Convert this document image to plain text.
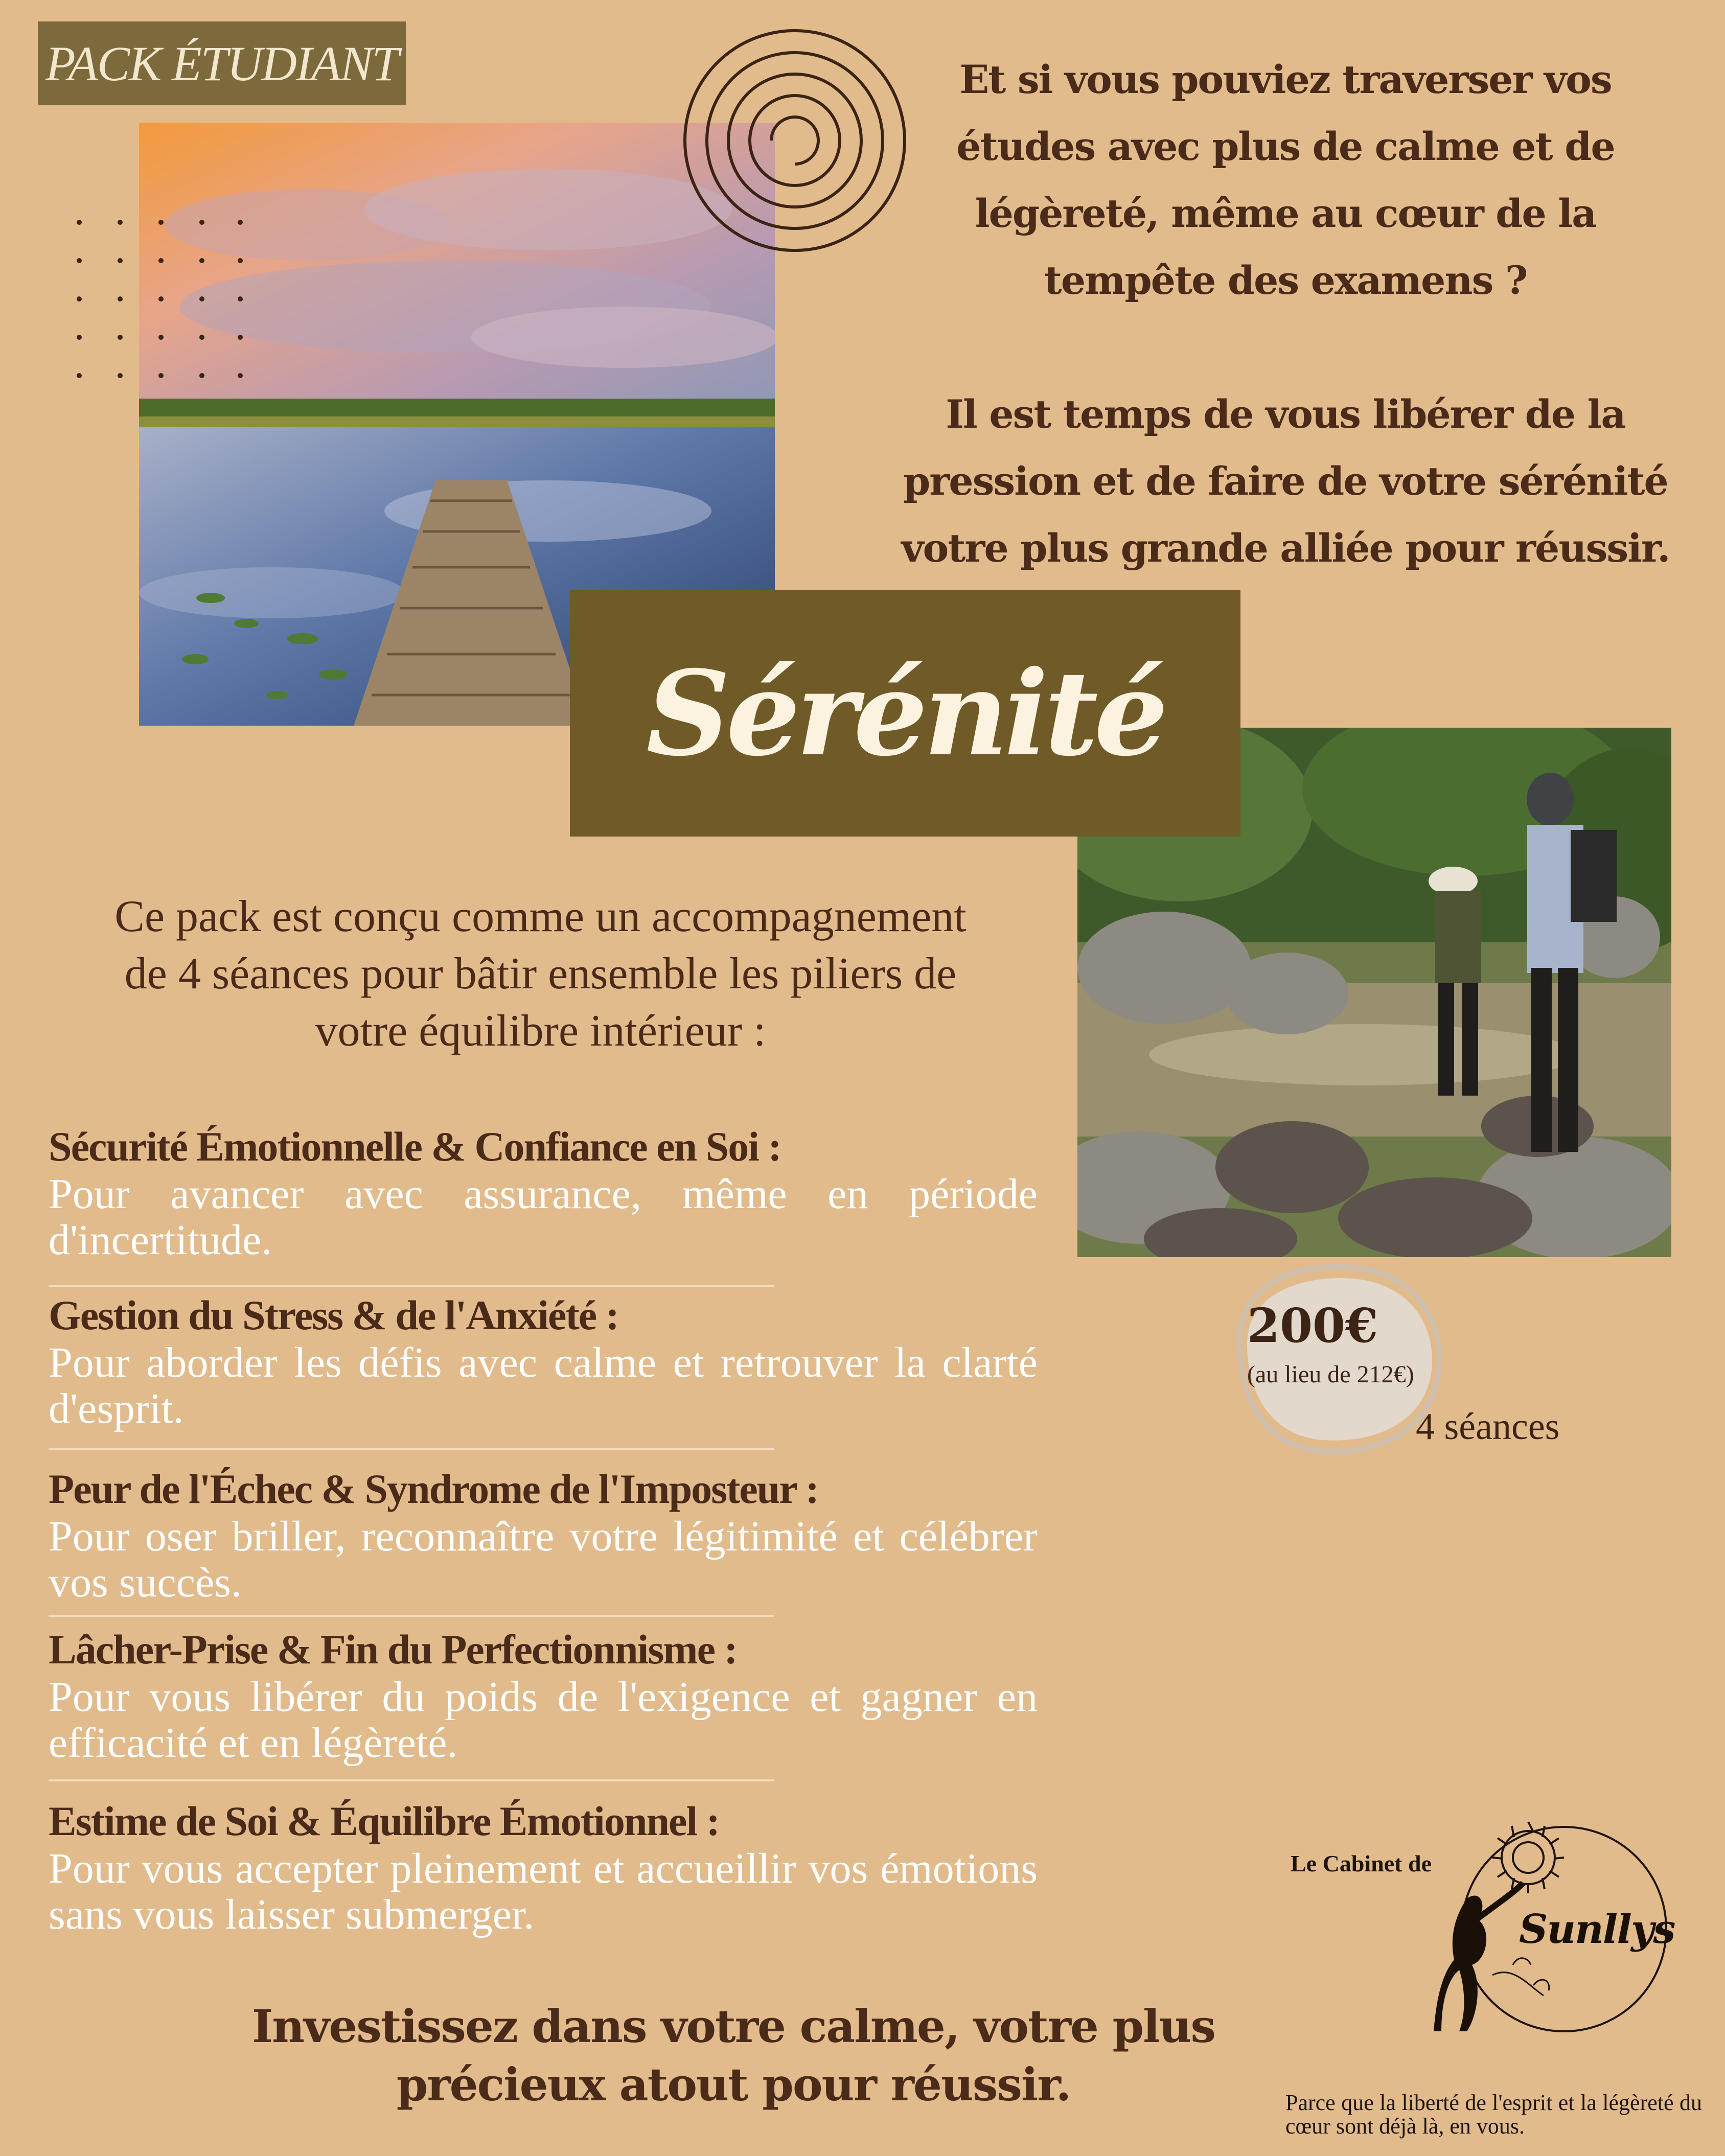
PACK ÉTUDIANT	Et si vous pouviez traverser vos études avec plus de calme et de légèreté, même au cœur de la tempête des examens ?

Il est temps de vous libérer de la pression et de faire de votre sérénité votre plus grande alliée pour réussir.

Sérénité

Ce pack est conçu comme un accompagnement

de 4 séances pour bâtir ensemble les piliers de

votre équilibre intérieur :

Sécurité Émotionnelle & Confiance en Soi :
Pour avancer avec assurance, même en période d'incertitude.
Gestion du Stress & de l'Anxiété :
Pour aborder les défis avec calme et retrouver la clarté d'esprit.
Peur de l'Échec & Syndrome de l'Imposteur :
Pour oser briller, reconnaître votre légitimité et célébrer vos succès.
Lâcher-Prise & Fin du Perfectionnisme :
Pour vous libérer du poids de l'exigence et gagner en efficacité et en légèreté.
Estime de Soi & Équilibre Émotionnel :
Pour vous accepter pleinement et accueillir vos émotions sans vous laisser submerger.
200€
(au lieu de 212€)
4 séances

Investissez dans votre calme, votre plus

précieux atout pour réussir.

Le Cabinet de
Sunllys
Parce que la liberté de l'esprit et la légèreté du cœur sont déjà là, en vous.
